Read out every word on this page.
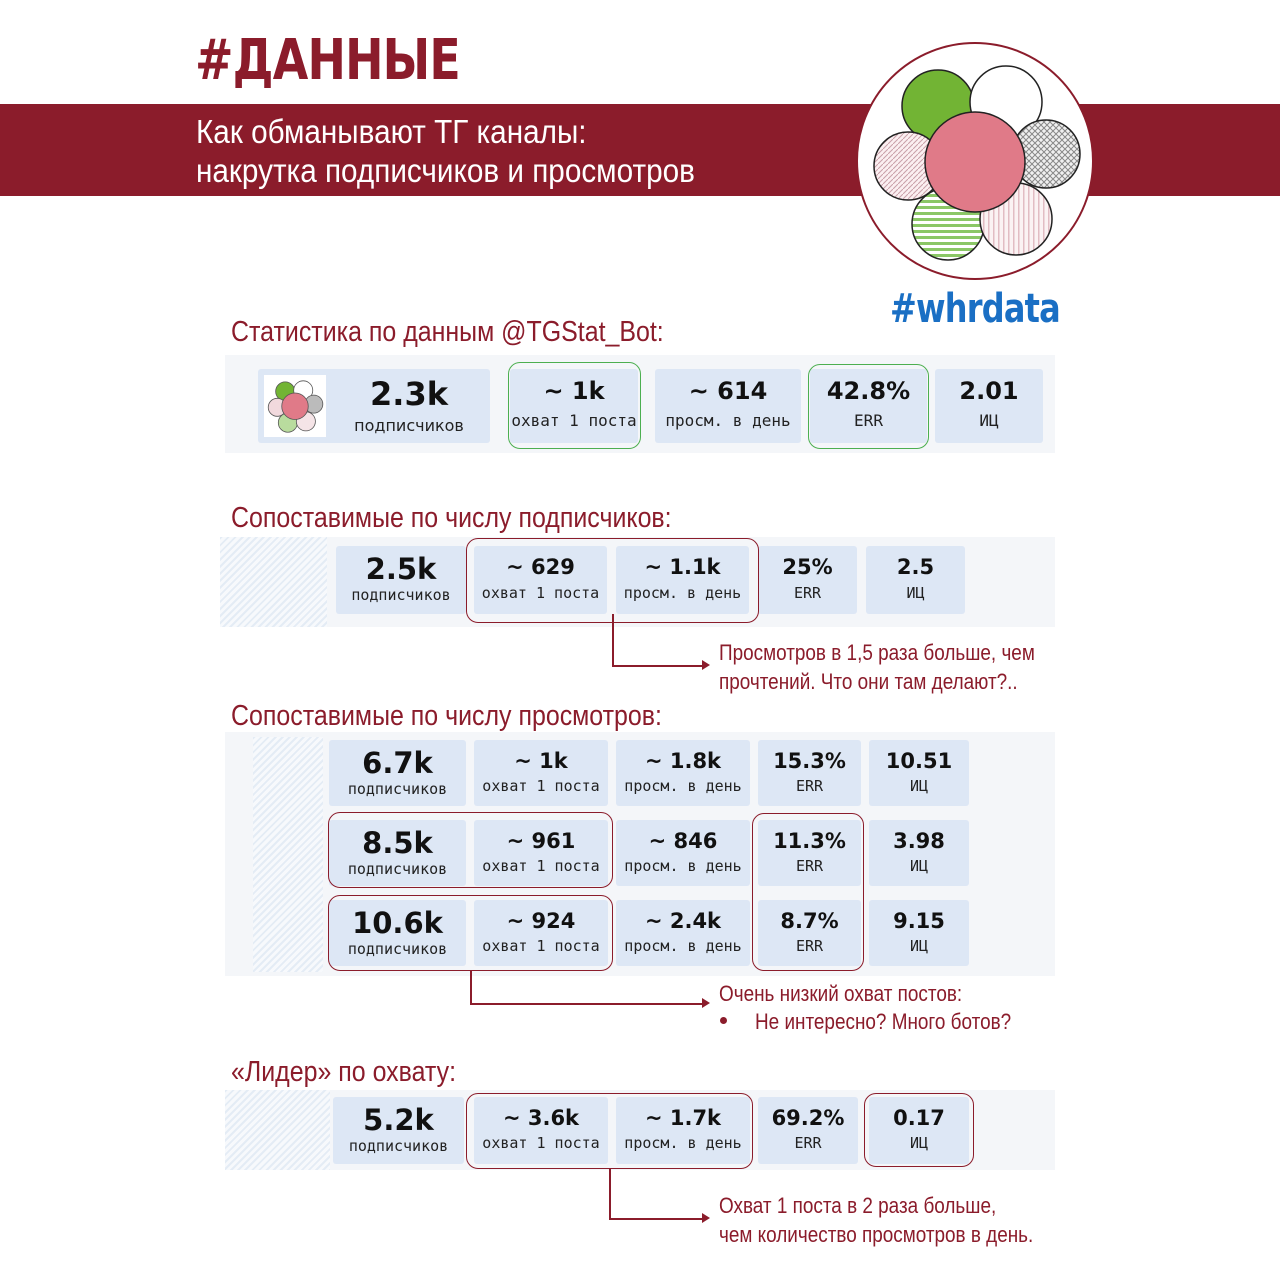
#ДАННЫЕ
Как обманывают ТГ каналы:
накрутка подписчиков и просмотров
#whrdata
Статистика по данным @TGStat_Bot:
2.3k
подписчиков
~ 1k
охват 1 поста
~ 614
просм. в день
42.8%
ERR
2.01
ИЦ
Сопоставимые по числу подписчиков:
2.5k
подписчиков
~ 629
охват 1 поста
~ 1.1k
просм. в день
25%
ERR
2.5
ИЦ
Просмотров в 1,5 раза больше, чем
прочтений. Что они там делают?..
Сопоставимые по числу просмотров:
6.7k
подписчиков
~ 1k
охват 1 поста
~ 1.8k
просм. в день
15.3%
ERR
10.51
ИЦ
8.5k
подписчиков
~ 961
охват 1 поста
~ 846
просм. в день
11.3%
ERR
3.98
ИЦ
10.6k
подписчиков
~ 924
охват 1 поста
~ 2.4k
просм. в день
8.7%
ERR
9.15
ИЦ
Очень низкий охват постов:
Не интересно? Много ботов?
«Лидер» по охвату:
5.2k
подписчиков
~ 3.6k
охват 1 поста
~ 1.7k
просм. в день
69.2%
ERR
0.17
ИЦ
Охват 1 поста в 2 раза больше,
чем количество просмотров в день.
